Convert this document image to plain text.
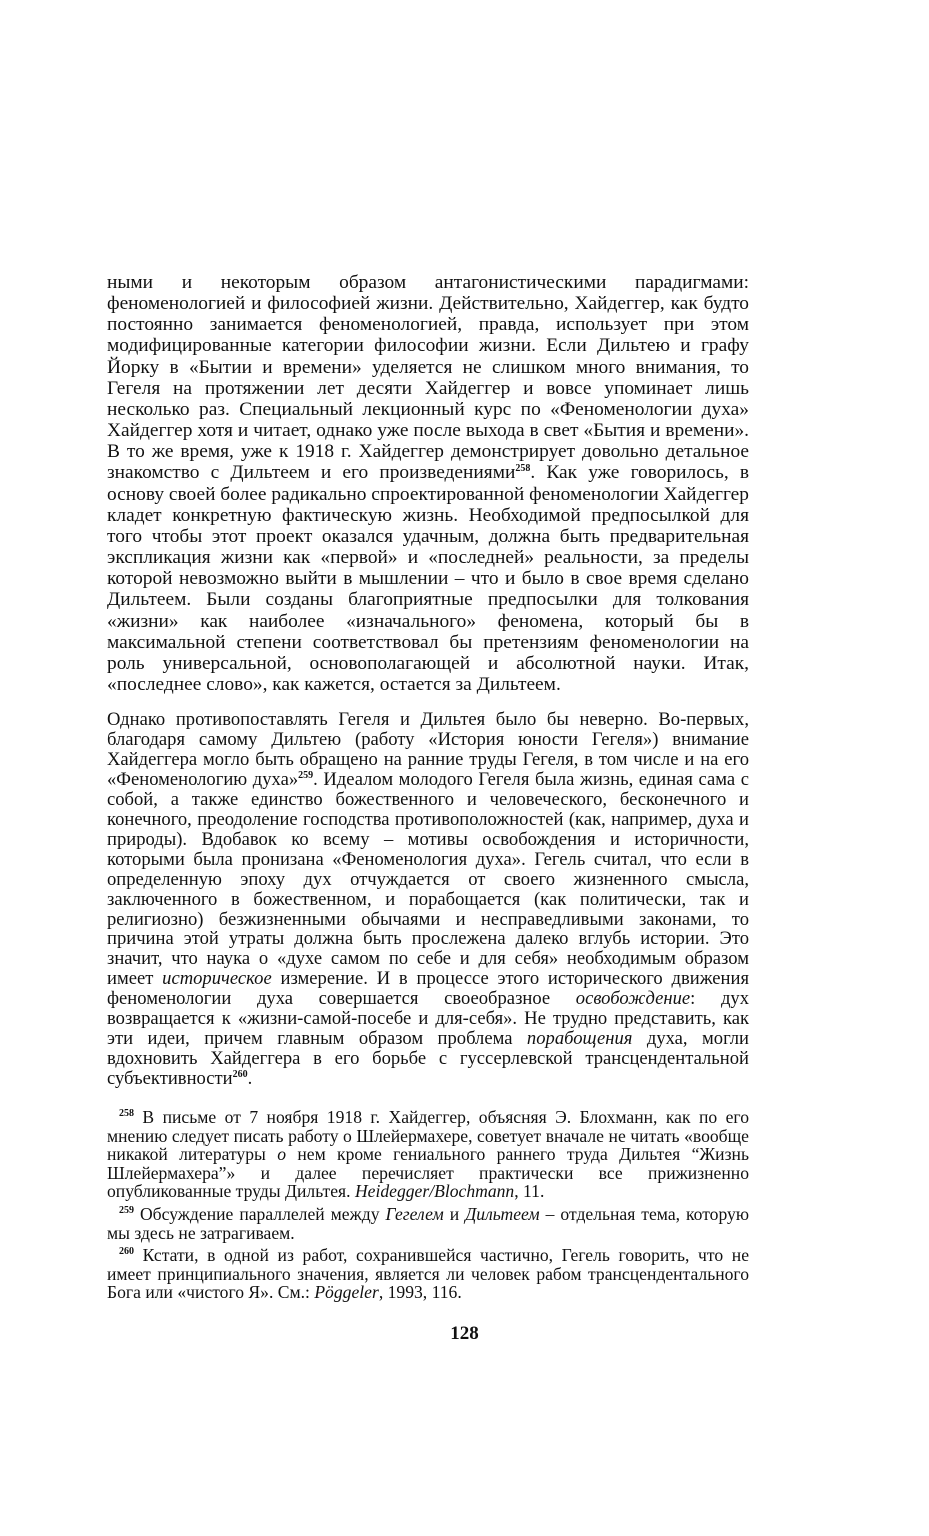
ными и некоторым образом антагонистическими парадигмами: феноменологией и философией жизни. Действительно, Хайдеггер, как будто постоянно занимается феноменологией, правда, использует при этом модифицированные категории философии жизни. Если Дильтею и графу Йорку в «Бытии и времени» уделяется не слишком много внимания, то Гегеля на протяжении лет десяти Хайдеггер и вовсе упоминает лишь несколько раз. Специальный лекционный курс по «Феноменологии духа» Хайдеггер хотя и читает, однако уже после выхода в свет «Бытия и времени». В то же время, уже к 1918 г. Хайдеггер демонстрирует довольно детальное знакомство с Дильтеем и его произведениями$^{258}$. Как уже говорилось, в основу своей более радикально спроектированной феноменологии Хайдеггер кладет конкретную фактическую жизнь. Необходимой предпосылкой для того чтобы этот проект оказался удачным, должна быть предварительная экспликация жизни как «первой» и «последней» реальности, за пределы которой невозможно выйти в мышлении – что и было в свое время сделано Дильтеем. Были созданы благоприятные предпосылки для толкования «жизни» как наиболее «изначального» феномена, который бы в максимальной степени соответствовал бы претензиям феноменологии на роль универсальной, основополагающей и абсолютной науки. Итак, «последнее слово», как кажется, остается за Дильтеем.
Однако противопоставлять Гегеля и Дильтея было бы неверно. Во-первых, благодаря самому Дильтею (работу «История юности Гегеля») внимание Хайдеггера могло быть обращено на ранние труды Гегеля, в том числе и на его «Феноменологию духа»$^{259}$. Идеалом молодого Гегеля была жизнь, единая сама с собой, а также единство божественного и человеческого, бесконечного и конечного, преодоление господства противоположностей (как, например, духа и природы). Вдобавок ко всему – мотивы освобождения и историчности, которыми была пронизана «Феноменология духа». Гегель считал, что если в определенную эпоху дух отчуждается от своего жизненного смысла, заключенного в божественном, и порабощается (как политически, так и религиозно) безжизненными обычаями и несправедливыми законами, то причина этой утраты должна быть прослежена далеко вглубь истории. Это значит, что наука о «духе самом по себе и для себя» необходимым образом имеет историческое измерение. И в процессе этого исторического движения феноменологии духа совершается своеобразное освобождение: дух возвращается к «жизни-самой-посебе и для-себя». Не трудно представить, как эти идеи, причем главным образом проблема порабощения духа, могли вдохновить Хайдеггера в его борьбе с гуссерлевской трансцендентальной субъективности$^{260}$.

$^{258}$ В письме от 7 ноября 1918 г. Хайдеггер, объясняя Э. Блохманн, как по его мнению следует писать работу о Шлейермахере, советует вначале не читать «вообще никакой литературы о нем кроме гениального раннего труда Дильтея “Жизнь Шлейермахера”» и далее перечисляет практически все прижизненно опубликованные труды Дильтея. Heidegger/Blochmann, 11.

$^{259}$ Обсуждение параллелей между Гегелем и Дильтеем – отдельная тема, которую мы здесь не затрагиваем.

$^{260}$ Кстати, в одной из работ, сохранившейся частично, Гегель говорить, что не имеет принципиального значения, является ли человек рабом трансцендентального Бога или «чистого Я». См.: Pöggeler, 1993, 116.

128
